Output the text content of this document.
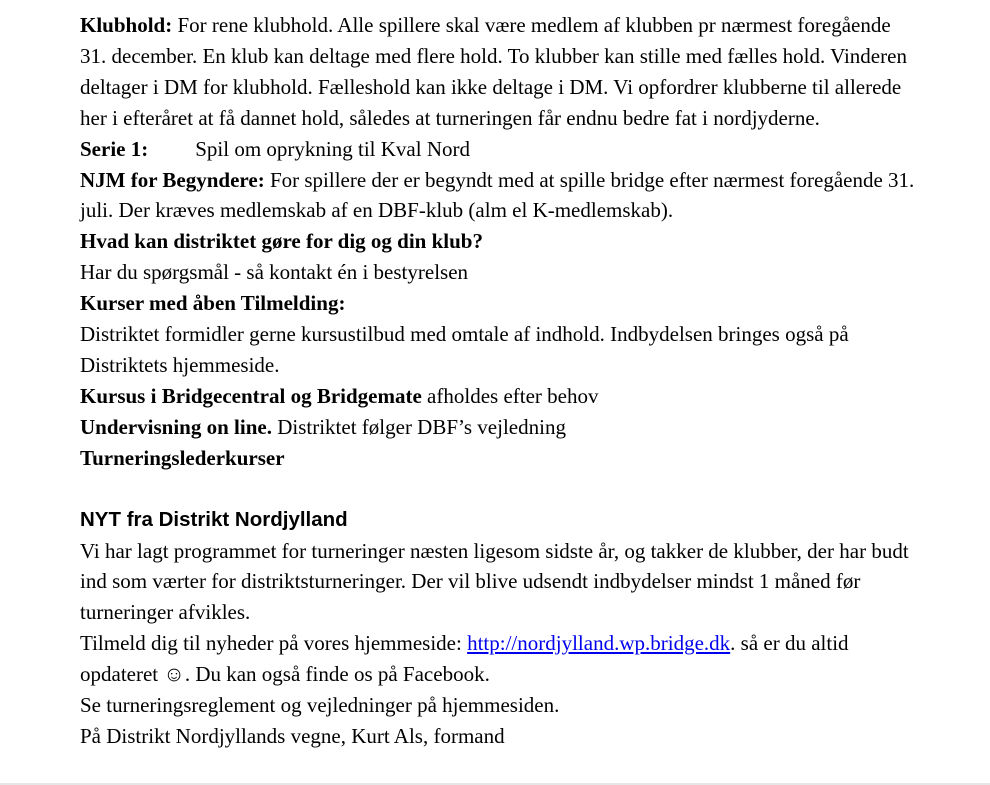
Klubhold: For rene klubhold. Alle spillere skal være medlem af klubben pr nærmest foregående 31. december. En klub kan deltage med flere hold. To klubber kan stille med fælles hold. Vinderen deltager i DM for klubhold. Fælleshold kan ikke deltage i DM. Vi opfordrer klubberne til allerede her i efteråret at få dannet hold, således at turneringen får endnu bedre fat i nordjyderne.

Serie 1: Spil om oprykning til Kval Nord

NJM for Begyndere: For spillere der er begyndt med at spille bridge efter nærmest foregående 31. juli. Der kræves medlemskab af en DBF-klub (alm el K-medlemskab).

Hvad kan distriktet gøre for dig og din klub?

Har du spørgsmål - så kontakt én i bestyrelsen

Kurser med åben Tilmelding:

Distriktet formidler gerne kursustilbud med omtale af indhold. Indbydelsen bringes også på Distriktets hjemmeside.

Kursus i Bridgecentral og Bridgemate afholdes efter behov

Undervisning on line. Distriktet følger DBF’s vejledning

Turneringslederkurser

NYT fra Distrikt Nordjylland

Vi har lagt programmet for turneringer næsten ligesom sidste år, og takker de klubber, der har budt ind som værter for distriktsturneringer. Der vil blive udsendt indbydelser mindst 1 måned før turneringer afvikles.

Tilmeld dig til nyheder på vores hjemmeside: http://nordjylland.wp.bridge.dk. så er du altid opdateret ☺. Du kan også finde os på Facebook.

Se turneringsreglement og vejledninger på hjemmesiden.

På Distrikt Nordjyllands vegne, Kurt Als, formand
